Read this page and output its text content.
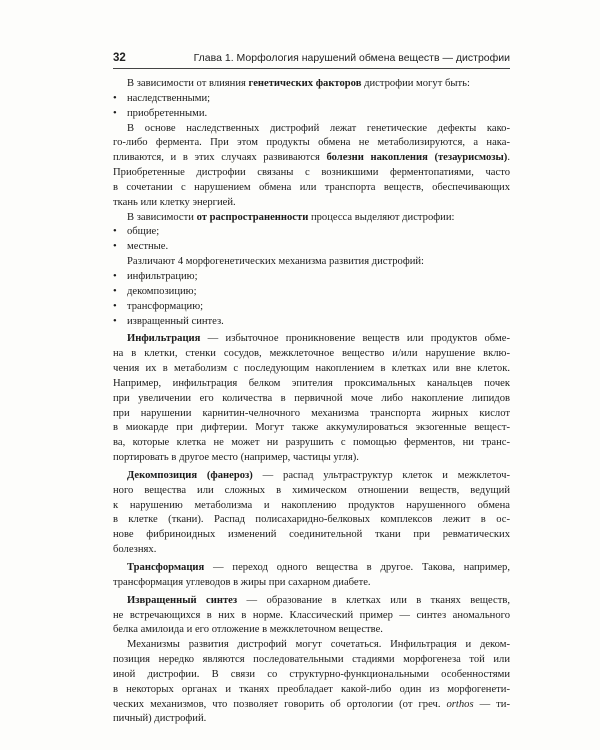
32	Глава 1. Морфология нарушений обмена веществ — дистрофии
В зависимости от влияния генетических факторов дистрофии могут быть:
• наследственными;
• приобретенными.
В основе наследственных дистрофий лежат генетические дефекты како-
го-либо фермента. При этом продукты обмена не метаболизируются, а нака-
пливаются, и в этих случаях развиваются болезни накопления (тезаурисмозы).
Приобретенные дистрофии связаны с возникшими ферментопатиями, часто
в сочетании с нарушением обмена или транспорта веществ, обеспечивающих
ткань или клетку энергией.
В зависимости от распространенности процесса выделяют дистрофии:
• общие;
• местные.
Различают 4 морфогенетических механизма развития дистрофий:
• инфильтрацию;
• декомпозицию;
• трансформацию;
• извращенный синтез.
Инфильтрация — избыточное проникновение веществ или продуктов обме-
на в клетки, стенки сосудов, межклеточное вещество и/или нарушение вклю-
чения их в метаболизм с последующим накоплением в клетках или вне клеток.
Например, инфильтрация белком эпителия проксимальных канальцев почек
при увеличении его количества в первичной моче либо накопление липидов
при нарушении карнитин-челночного механизма транспорта жирных кислот
в миокарде при дифтерии. Могут также аккумулироваться экзогенные вещест-
ва, которые клетка не может ни разрушить с помощью ферментов, ни транс-
портировать в другое место (например, частицы угля).
Декомпозиция (фанероз) — распад ультраструктур клеток и межклеточ-
ного вещества или сложных в химическом отношении веществ, ведущий
к нарушению метаболизма и накоплению продуктов нарушенного обмена
в клетке (ткани). Распад полисахаридно-белковых комплексов лежит в ос-
нове фибриноидных изменений соединительной ткани при ревматических
болезнях.
Трансформация — переход одного вещества в другое. Такова, например,
трансформация углеводов в жиры при сахарном диабете.
Извращенный синтез — образование в клетках или в тканях веществ,
не встречающихся в них в норме. Классический пример — синтез аномального
белка амилоида и его отложение в межклеточном веществе.
Механизмы развития дистрофий могут сочетаться. Инфильтрация и деком-
позиция нередко являются последовательными стадиями морфогенеза той или
иной дистрофии. В связи со структурно-функциональными особенностями
в некоторых органах и тканях преобладает какой-либо один из морфогенети-
ческих механизмов, что позволяет говорить об ортологии (от греч. orthos — ти-
пичный) дистрофий.
